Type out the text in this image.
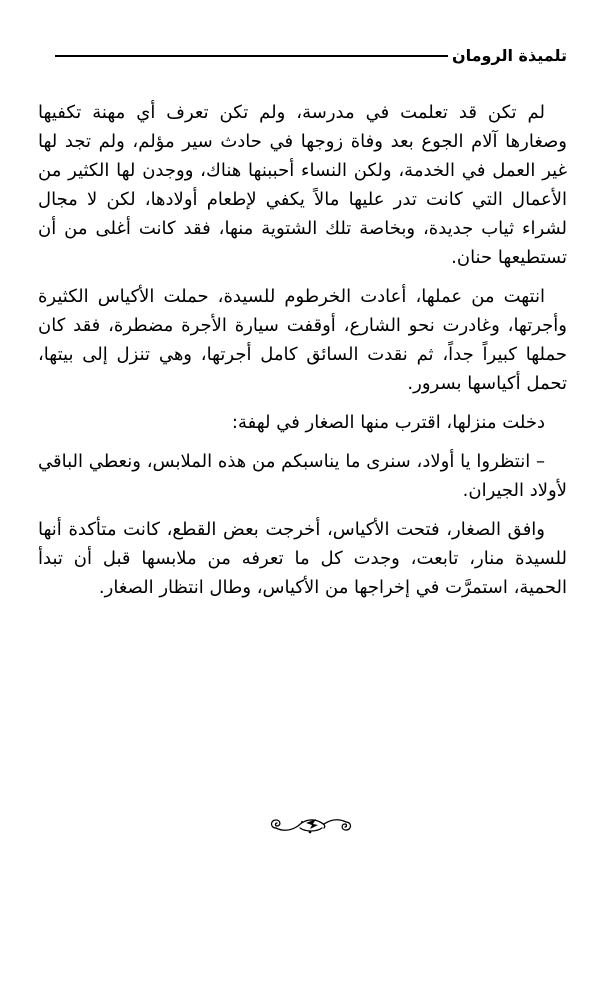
تلميذة الرومان

لم تكن قد تعلمت في مدرسة، ولم تكن تعرف أي مهنة تكفيها وصغارها آلام الجوع بعد وفاة زوجها في حادث سير مؤلم، ولم تجد لها غير العمل في الخدمة، ولكن النساء أحببنها هناك، ووجدن لها الكثير من الأعمال التي كانت تدر عليها مالاً يكفي لإطعام أولادها، لكن لا مجال لشراء ثياب جديدة، وبخاصة تلك الشتوية منها، فقد كانت أغلى من أن تستطيعها حنان.

انتهت من عملها، أعادت الخرطوم للسيدة، حملت الأكياس الكثيرة وأجرتها، وغادرت نحو الشارع، أوقفت سيارة الأجرة مضطرة، فقد كان حملها كبيراً جداً، ثم نقدت السائق كامل أجرتها، وهي تنزل إلى بيتها، تحمل أكياسها بسرور.

دخلت منزلها، اقترب منها الصغار في لهفة:

– انتظروا يا أولاد، سنرى ما يناسبكم من هذه الملابس، ونعطي الباقي لأولاد الجيران.

وافق الصغار، فتحت الأكياس، أخرجت بعض القطع، كانت متأكدة أنها للسيدة منار، تابعت، وجدت كل ما تعرفه من ملابسها قبل أن تبدأ الحمية، استمرَّت في إخراجها من الأكياس، وطال انتظار الصغار.
